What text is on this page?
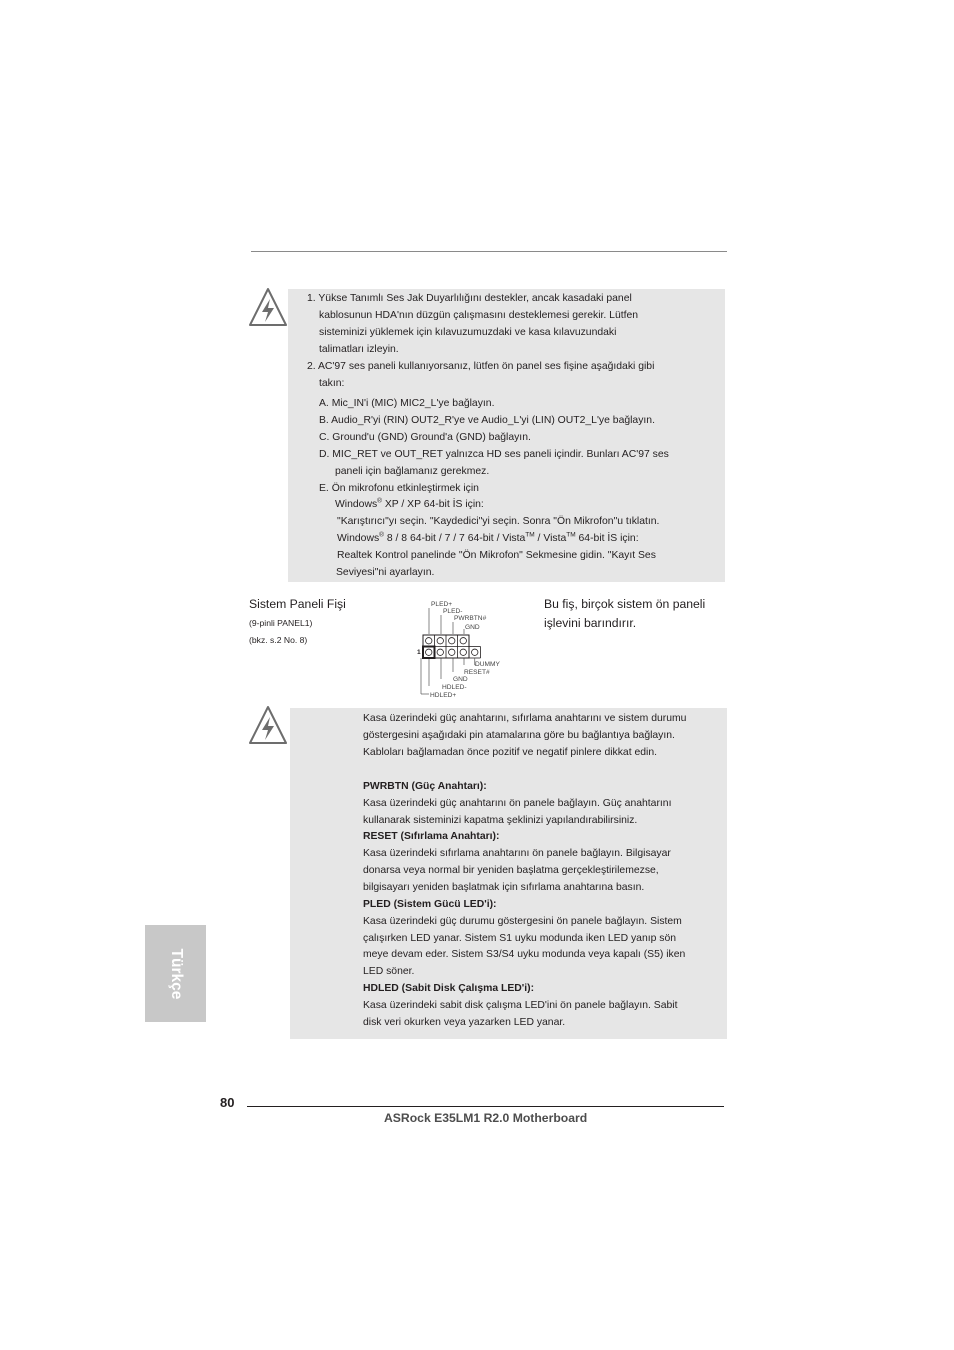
1. Yükse Tanımlı Ses Jak Duyarlılığını destekler, ancak kasadaki panel
kablosunun HDA'nın düzgün çalışmasını desteklemesi gerekir. Lütfen
sisteminizi yüklemek için kılavuzumuzdaki ve kasa kılavuzundaki
talimatları izleyin.
2. AC'97 ses paneli kullanıyorsanız, lütfen ön panel ses fişine aşağıdaki gibi
takın:
A. Mic_IN'i (MIC) MIC2_L'ye bağlayın.
B. Audio_R'yi (RIN) OUT2_R'ye ve Audio_L'yi (LIN) OUT2_L'ye bağlayın.
C. Ground'u (GND) Ground'a (GND) bağlayın.
D. MIC_RET ve OUT_RET yalnızca HD ses paneli içindir. Bunları AC'97 ses
paneli için bağlamanız gerekmez.
E. Ön mikrofonu etkinleştirmek için
Windows® XP / XP 64-bit İS için:
"Karıştırıcı"yı seçin. "Kaydedici"yi seçin. Sonra "Ön Mikrofon"u tıklatın.
Windows® 8 / 8 64-bit / 7 / 7 64-bit / Vista™ / Vista™ 64-bit İS için:
Realtek Kontrol panelinde "Ön Mikrofon" Sekmesine gidin. "Kayıt Ses
Seviyesi"ni ayarlayın.
Sistem Paneli Fişi
(9-pinli PANEL1)
(bkz. s.2 No. 8)
Bu fiş, birçok sistem ön paneli
işlevini barındırır.
PLED+
PLED-
PWRBTN#
GND
DUMMY
RESET#
GND
HDLED-
HDLED+
1
Kasa üzerindeki güç anahtarını, sıfırlama anahtarını ve sistem durumu
göstergesini aşağıdaki pin atamalarına göre bu bağlantıya bağlayın.
Kabloları bağlamadan önce pozitif ve negatif pinlere dikkat edin.
PWRBTN (Güç Anahtarı):
Kasa üzerindeki güç anahtarını ön panele bağlayın. Güç anahtarını
kullanarak sisteminizi kapatma şeklinizi yapılandırabilirsiniz.
RESET (Sıfırlama Anahtarı):
Kasa üzerindeki sıfırlama anahtarını ön panele bağlayın. Bilgisayar
donarsa veya normal bir yeniden başlatma gerçekleştirilemezse,
bilgisayarı yeniden başlatmak için sıfırlama anahtarına basın.
PLED (Sistem Gücü LED'i):
Kasa üzerindeki güç durumu göstergesini ön panele bağlayın. Sistem
çalışırken LED yanar. Sistem S1 uyku modunda iken LED yanıp sön
meye devam eder. Sistem S3/S4 uyku modunda veya kapalı (S5) iken
LED söner.
HDLED (Sabit Disk Çalışma LED'i):
Kasa üzerindeki sabit disk çalışma LED'ini ön panele bağlayın. Sabit
disk veri okurken veya yazarken LED yanar.
Türkçe
80
ASRock E35LM1 R2.0 Motherboard
